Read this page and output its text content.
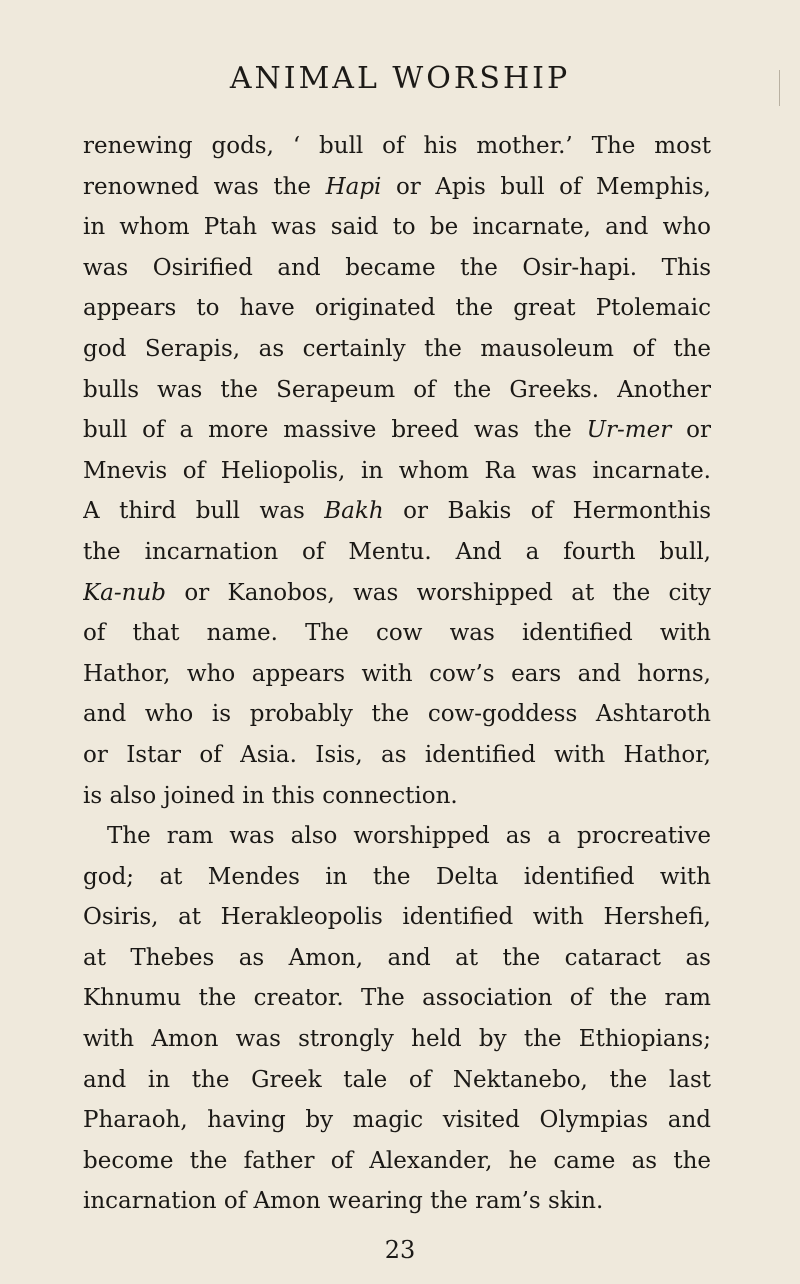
ANIMAL WORSHIP
renewing gods, ‘ bull of his mother.’ The most
renowned was the Hapi or Apis bull of Memphis,
in whom Ptah was said to be incarnate, and who
was Osirified and became the Osir-hapi. This
appears to have originated the great Ptolemaic
god Serapis, as certainly the mausoleum of the
bulls was the Serapeum of the Greeks. Another
bull of a more massive breed was the Ur-mer or
Mnevis of Heliopolis, in whom Ra was incarnate.
A third bull was Bakh or Bakis of Hermonthis
the incarnation of Mentu. And a fourth bull,
Ka-nub or Kanobos, was worshipped at the city
of that name. The cow was identified with
Hathor, who appears with cow’s ears and horns,
and who is probably the cow-goddess Ashtaroth
or Istar of Asia. Isis, as identified with Hathor,
is also joined in this connection.
The ram was also worshipped as a procreative
god; at Mendes in the Delta identified with
Osiris, at Herakleopolis identified with Hershefi,
at Thebes as Amon, and at the cataract as
Khnumu the creator. The association of the ram
with Amon was strongly held by the Ethiopians;
and in the Greek tale of Nektanebo, the last
Pharaoh, having by magic visited Olympias and
become the father of Alexander, he came as the
incarnation of Amon wearing the ram’s skin.
23
